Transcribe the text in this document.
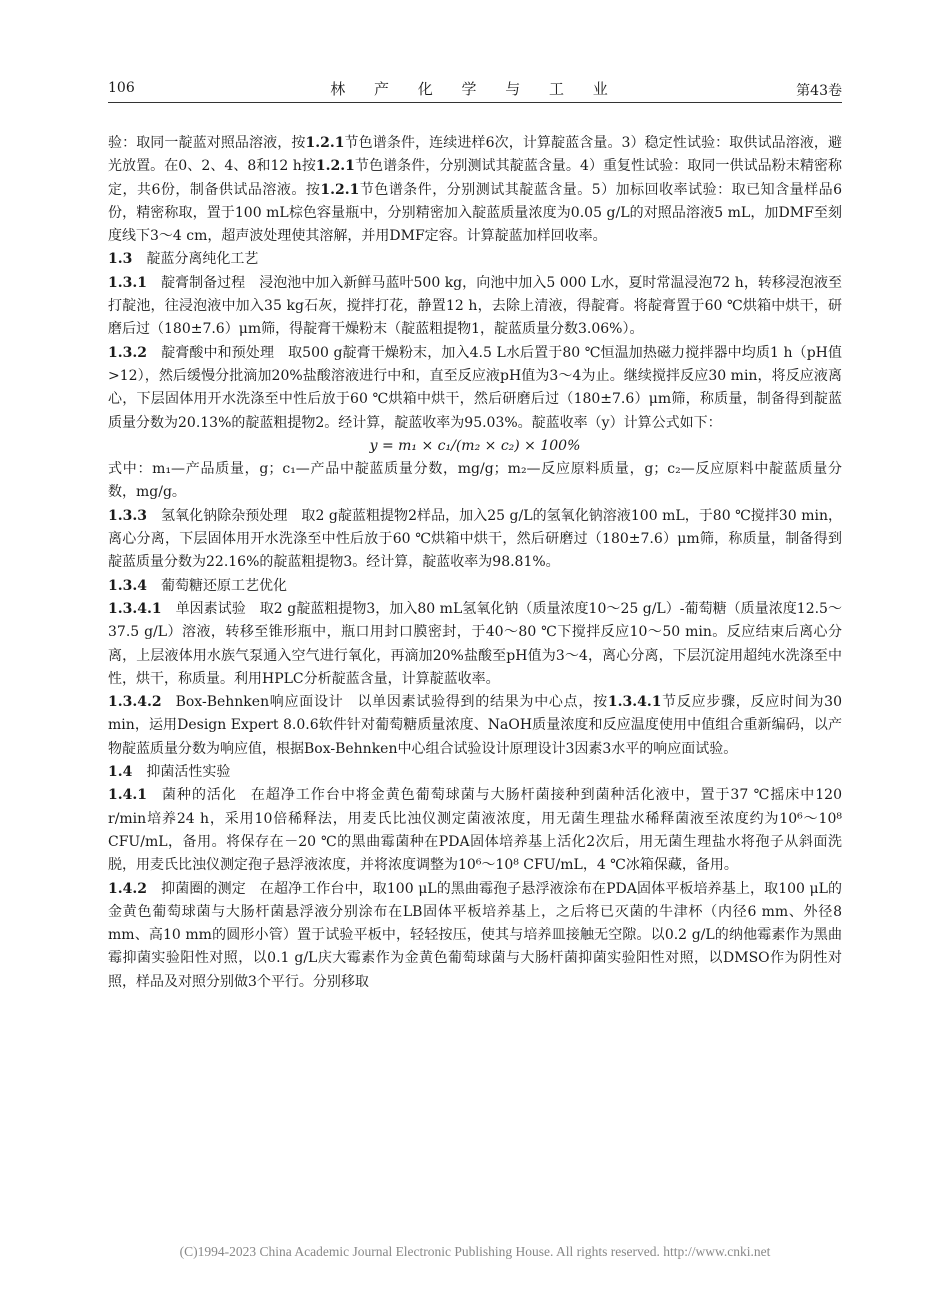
106	林 产 化 学 与 工 业	第43卷

验：取同一靛蓝对照品溶液，按1.2.1节色谱条件，连续进样6次，计算靛蓝含量。3）稳定性试验：取供试品溶液，避光放置。在0、2、4、8和12 h按1.2.1节色谱条件，分别测试其靛蓝含量。4）重复性试验：取同一供试品粉末精密称定，共6份，制备供试品溶液。按1.2.1节色谱条件，分别测试其靛蓝含量。5）加标回收率试验：取已知含量样品6份，精密称取，置于100 mL棕色容量瓶中，分别精密加入靛蓝质量浓度为0.05 g/L的对照品溶液5 mL，加DMF至刻度线下3～4 cm，超声波处理使其溶解，并用DMF定容。计算靛蓝加样回收率。

1.3 靛蓝分离纯化工艺

1.3.1 靛膏制备过程 浸泡池中加入新鲜马蓝叶500 kg，向池中加入5 000 L水，夏时常温浸泡72 h，转移浸泡液至打靛池，往浸泡液中加入35 kg石灰，搅拌打花，静置12 h，去除上清液，得靛膏。将靛膏置于60 ℃烘箱中烘干，研磨后过（180±7.6）μm筛，得靛膏干燥粉末（靛蓝粗提物1，靛蓝质量分数3.06%）。

1.3.2 靛膏酸中和预处理 取500 g靛膏干燥粉末，加入4.5 L水后置于80 ℃恒温加热磁力搅拌器中均质1 h（pH值>12），然后缓慢分批滴加20%盐酸溶液进行中和，直至反应液pH值为3～4为止。继续搅拌反应30 min，将反应液离心，下层固体用开水洗涤至中性后放于60 ℃烘箱中烘干，然后研磨后过（180±7.6）μm筛，称质量，制备得到靛蓝质量分数为20.13%的靛蓝粗提物2。经计算，靛蓝收率为95.03%。靛蓝收率（y）计算公式如下：

y = m₁ × c₁/(m₂ × c₂) × 100%

式中：m₁—产品质量，g；c₁—产品中靛蓝质量分数，mg/g；m₂—反应原料质量，g；c₂—反应原料中靛蓝质量分数，mg/g。

1.3.3 氢氧化钠除杂预处理 取2 g靛蓝粗提物2样品，加入25 g/L的氢氧化钠溶液100 mL，于80 ℃搅拌30 min，离心分离，下层固体用开水洗涤至中性后放于60 ℃烘箱中烘干，然后研磨过（180±7.6）μm筛，称质量，制备得到靛蓝质量分数为22.16%的靛蓝粗提物3。经计算，靛蓝收率为98.81%。

1.3.4 葡萄糖还原工艺优化

1.3.4.1 单因素试验 取2 g靛蓝粗提物3，加入80 mL氢氧化钠（质量浓度10～25 g/L）-葡萄糖（质量浓度12.5～37.5 g/L）溶液，转移至锥形瓶中，瓶口用封口膜密封，于40～80 ℃下搅拌反应10～50 min。反应结束后离心分离，上层液体用水族气泵通入空气进行氧化，再滴加20%盐酸至pH值为3～4，离心分离，下层沉淀用超纯水洗涤至中性，烘干，称质量。利用HPLC分析靛蓝含量，计算靛蓝收率。

1.3.4.2 Box-Behnken响应面设计 以单因素试验得到的结果为中心点，按1.3.4.1节反应步骤，反应时间为30 min，运用Design Expert 8.0.6软件针对葡萄糖质量浓度、NaOH质量浓度和反应温度使用中值组合重新编码，以产物靛蓝质量分数为响应值，根据Box-Behnken中心组合试验设计原理设计3因素3水平的响应面试验。

1.4 抑菌活性实验

1.4.1 菌种的活化 在超净工作台中将金黄色葡萄球菌与大肠杆菌接种到菌种活化液中，置于37 ℃摇床中120 r/min培养24 h，采用10倍稀释法，用麦氏比浊仪测定菌液浓度，用无菌生理盐水稀释菌液至浓度约为10⁶～10⁸ CFU/mL，备用。将保存在－20 ℃的黑曲霉菌种在PDA固体培养基上活化2次后，用无菌生理盐水将孢子从斜面洗脱，用麦氏比浊仪测定孢子悬浮液浓度，并将浓度调整为10⁶～10⁸ CFU/mL，4 ℃冰箱保藏，备用。

1.4.2 抑菌圈的测定 在超净工作台中，取100 μL的黑曲霉孢子悬浮液涂布在PDA固体平板培养基上，取100 μL的金黄色葡萄球菌与大肠杆菌悬浮液分别涂布在LB固体平板培养基上，之后将已灭菌的牛津杯（内径6 mm、外径8 mm、高10 mm的圆形小管）置于试验平板中，轻轻按压，使其与培养皿接触无空隙。以0.2 g/L的纳他霉素作为黑曲霉抑菌实验阳性对照，以0.1 g/L庆大霉素作为金黄色葡萄球菌与大肠杆菌抑菌实验阳性对照，以DMSO作为阴性对照，样品及对照分别做3个平行。分别移取

(C)1994-2023 China Academic Journal Electronic Publishing House. All rights reserved. http://www.cnki.net
